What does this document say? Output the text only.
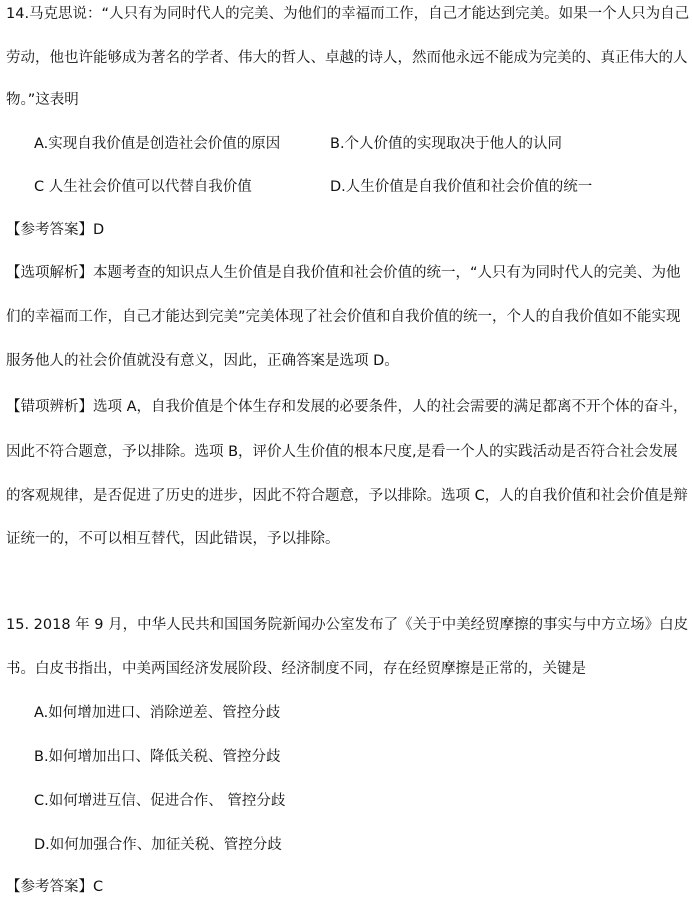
14.马克思说：“人只有为同时代人的完美、为他们的幸福而工作，自己才能达到完美。如果一个人只为自己
劳动，他也许能够成为著名的学者、伟大的哲人、卓越的诗人，然而他永远不能成为完美的、真正伟大的人
物。”这表明
A.实现自我价值是创造社会价值的原因	B.个人价值的实现取决于他人的认同
C 人生社会价值可以代替自我价值	D.人生价值是自我价值和社会价值的统一
【参考答案】D
【选项解析】本题考查的知识点人生价值是自我价值和社会价值的统一，“人只有为同时代人的完美、为他
们的幸福而工作，自己才能达到完美”完美体现了社会价值和自我价值的统一，个人的自我价值如不能实现
服务他人的社会价值就没有意义，因此，正确答案是选项 D。
【错项辨析】选项 A，自我价值是个体生存和发展的必要条件，人的社会需要的满足都离不开个体的奋斗，
因此不符合题意，予以排除。选项 B，评价人生价值的根本尺度,是看一个人的实践活动是否符合社会发展
的客观规律，是否促进了历史的进步，因此不符合题意，予以排除。选项 C，人的自我价值和社会价值是辩
证统一的，不可以相互替代，因此错误，予以排除。
15. 2018 年 9 月，中华人民共和国国务院新闻办公室发布了《关于中美经贸摩擦的事实与中方立场》白皮
书。白皮书指出，中美两国经济发展阶段、经济制度不同，存在经贸摩擦是正常的，关键是
A.如何增加进口、消除逆差、管控分歧
B.如何增加出口、降低关税、管控分歧
C.如何增进互信、促进合作、 管控分歧
D.如何加强合作、加征关税、管控分歧
【参考答案】C
